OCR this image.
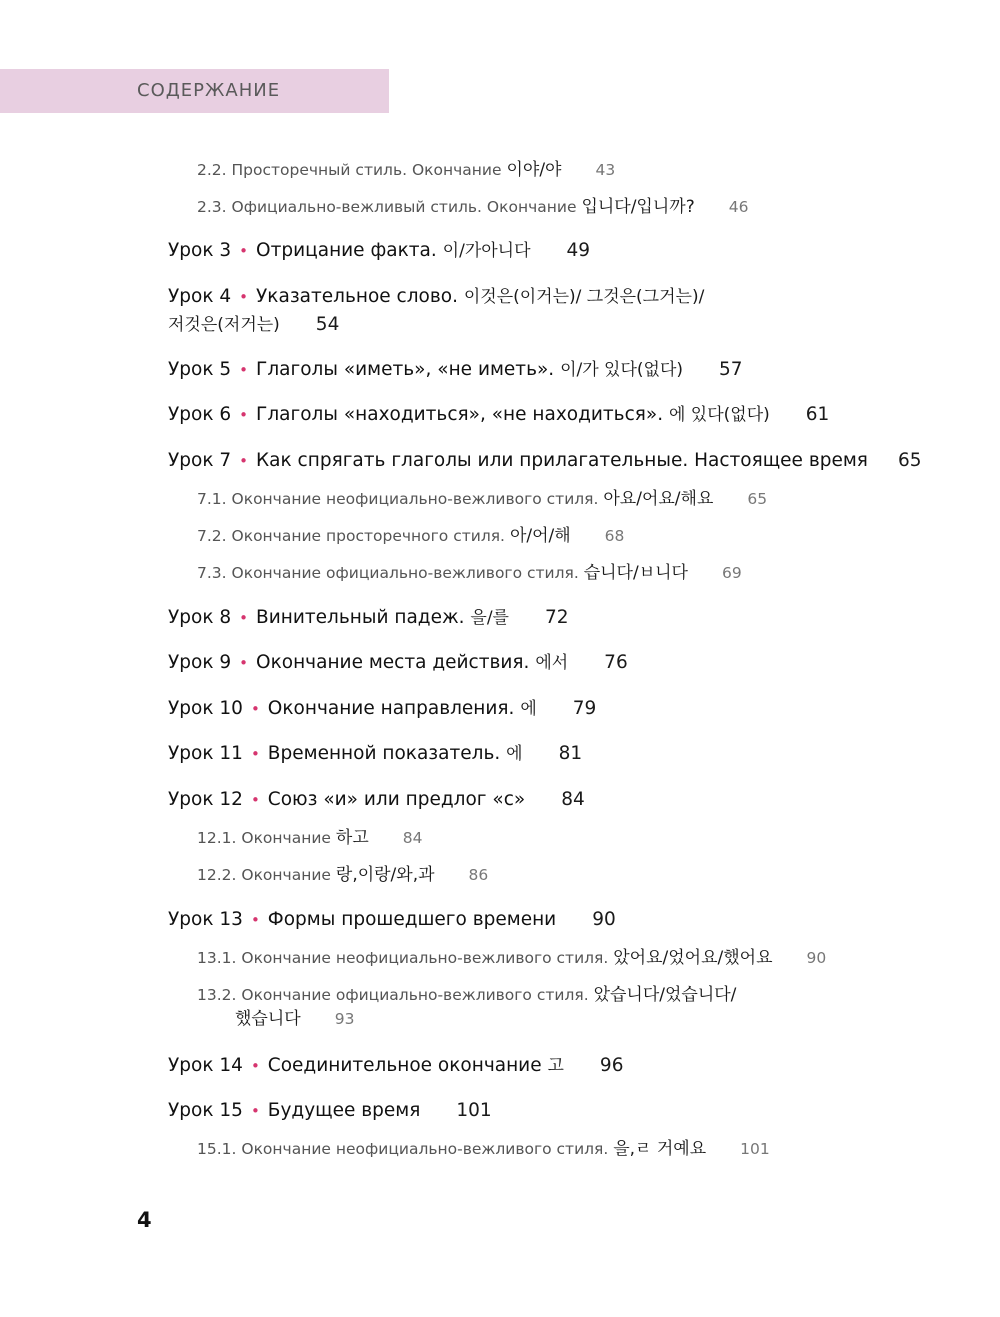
СОДЕРЖАНИЕ
2.2. Просторечный стиль. Окончание 이야/야 43
2.3. Официально-вежливый стиль. Окончание 입니다/입니까? 46
Урок 3 • Отрицание факта. 이/가아니다 49
Урок 4 • Указательное слово. 이것은(이거는)/ 그것은(그거는)/
저것은(저거는) 54
Урок 5 • Глаголы «иметь», «не иметь». 이/가 있다(없다) 57
Урок 6 • Глаголы «находиться», «не находиться». 에 있다(없다) 61
Урок 7 • Как спрягать глаголы или прилагательные. Настоящее время 65
7.1. Окончание неофициально-вежливого стиля. 아요/어요/해요 65
7.2. Окончание просторечного стиля. 아/어/해 68
7.3. Окончание официально-вежливого стиля. 습니다/ㅂ니다 69
Урок 8 • Винительный падеж. 을/를 72
Урок 9 • Окончание места действия. 에서 76
Урок 10 • Окончание направления. 에 79
Урок 11 • Временной показатель. 에 81
Урок 12 • Союз «и» или предлог «с» 84
12.1. Окончание 하고 84
12.2. Окончание 랑,이랑/와,과 86
Урок 13 • Формы прошедшего времени 90
13.1. Окончание неофициально-вежливого стиля. 았어요/었어요/했어요 90
13.2. Окончание официально-вежливого стиля. 았습니다/었습니다/
했습니다 93
Урок 14 • Соединительное окончание 고 96
Урок 15 • Будущее время 101
15.1. Окончание неофициально-вежливого стиля. 을,ㄹ 거예요 101
4
